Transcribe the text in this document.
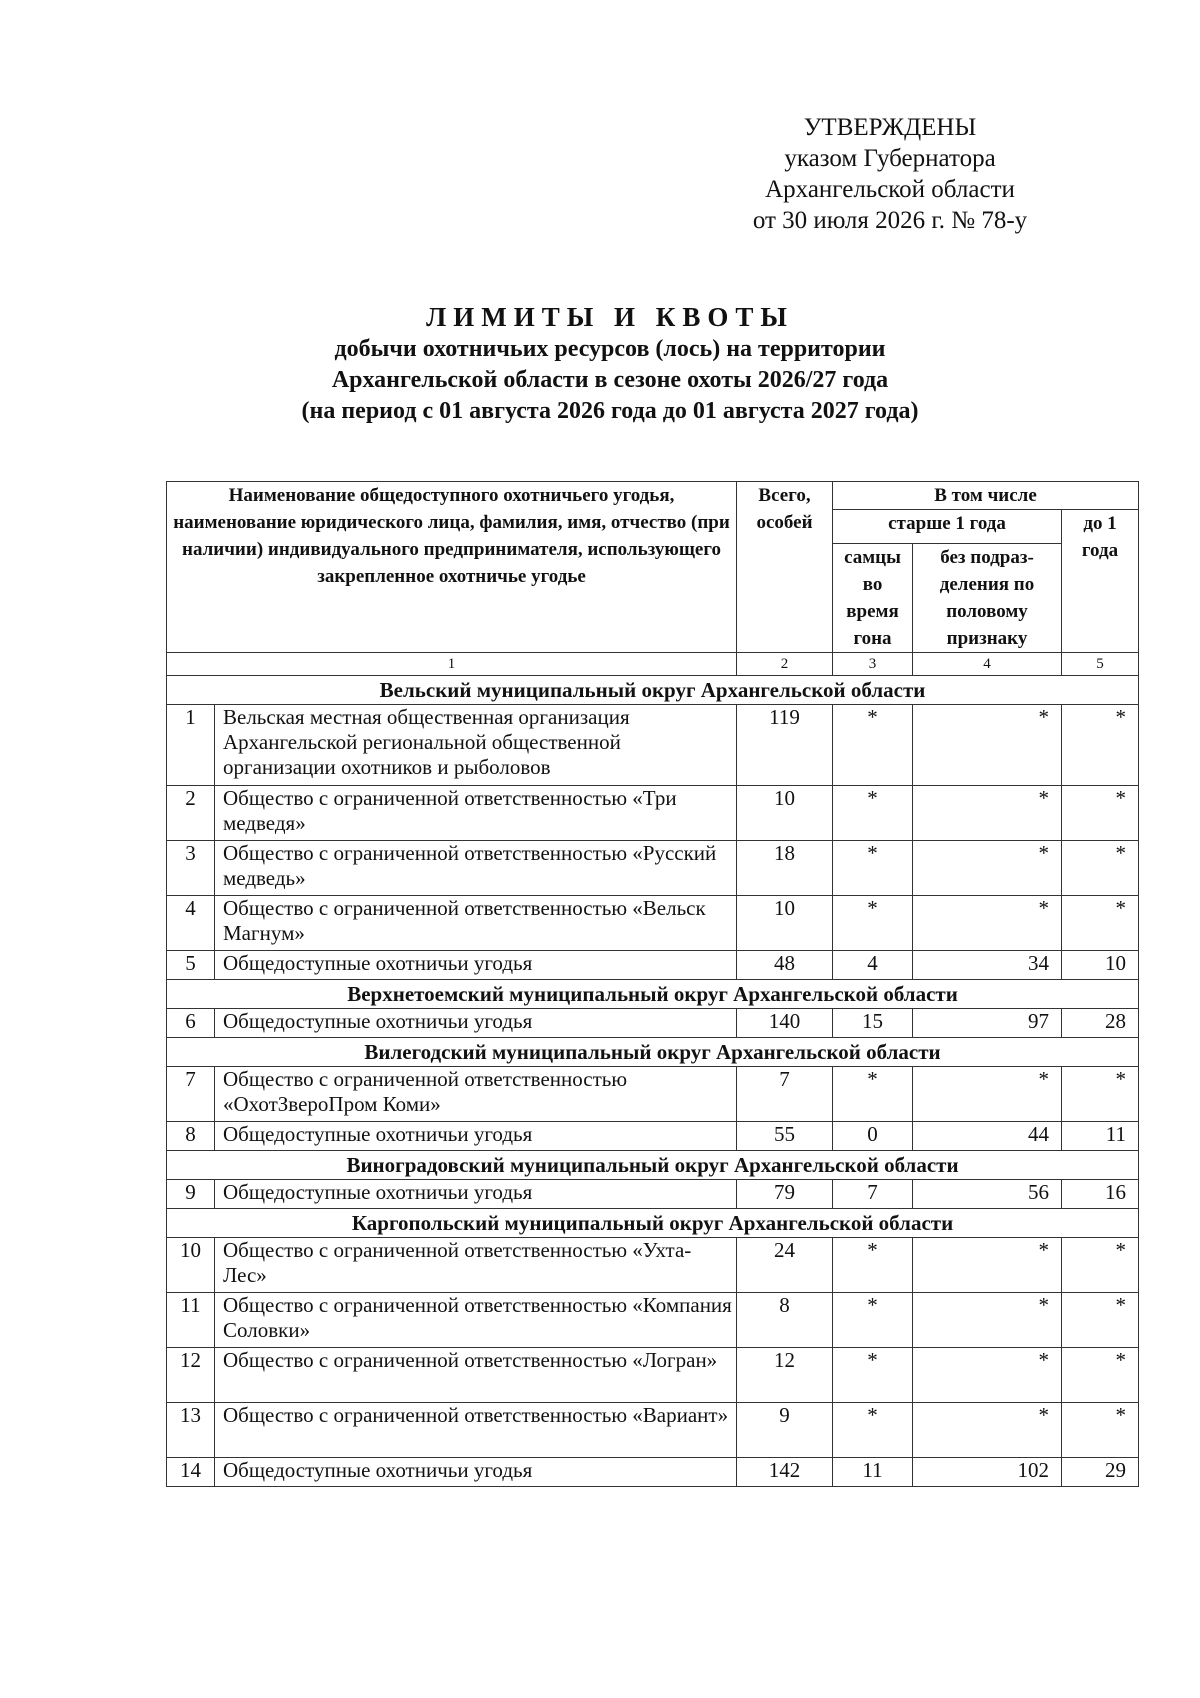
УТВЕРЖДЕНЫ
указом Губернатора
Архангельской области
от 30 июля 2026 г. № 78-у
ЛИМИТЫ И КВОТЫ
добычи охотничьих ресурсов (лось) на территории
Архангельской области в сезоне охоты 2026/27 года
(на период с 01 августа 2026 года до 01 августа 2027 года)
Наименование общедоступного охотничьего угодья, наименование юридического лица, фамилия, имя, отчество (при наличии) индивидуального предпринимателя, использующего закрепленное охотничье угодье		Всего, особей	В том числе		
			старше 1 года		до 1 года
			самцы во время гона	без подраз-деления по половому признаку	
1		2	3	4	5
Вельский муниципальный округ Архангельской области					
1	Вельская местная общественная организация Архангельской региональной общественной организации охотников и рыболовов	119	*	*	*
2	Общество с ограниченной ответственностью «Три медведя»	10	*	*	*
3	Общество с ограниченной ответственностью «Русский медведь»	18	*	*	*
4	Общество с ограниченной ответственностью «Вельск Магнум»	10	*	*	*
5	Общедоступные охотничьи угодья	48	4	34	10
Верхнетоемский муниципальный округ Архангельской области					
6	Общедоступные охотничьи угодья	140	15	97	28
Вилегодский муниципальный округ Архангельской области					
7	Общество с ограниченной ответственностью «ОхотЗвероПром Коми»	7	*	*	*
8	Общедоступные охотничьи угодья	55	0	44	11
Виноградовский муниципальный округ Архангельской области					
9	Общедоступные охотничьи угодья	79	7	56	16
Каргопольский муниципальный округ Архангельской области					
10	Общество с ограниченной ответственностью «Ухта-Лес»	24	*	*	*
11	Общество с ограниченной ответственностью «Компания Соловки»	8	*	*	*
12	Общество с ограниченной ответственностью «Логран»	12	*	*	*
13	Общество с ограниченной ответственностью «Вариант»	9	*	*	*
14	Общедоступные охотничьи угодья	142	11	102	29
